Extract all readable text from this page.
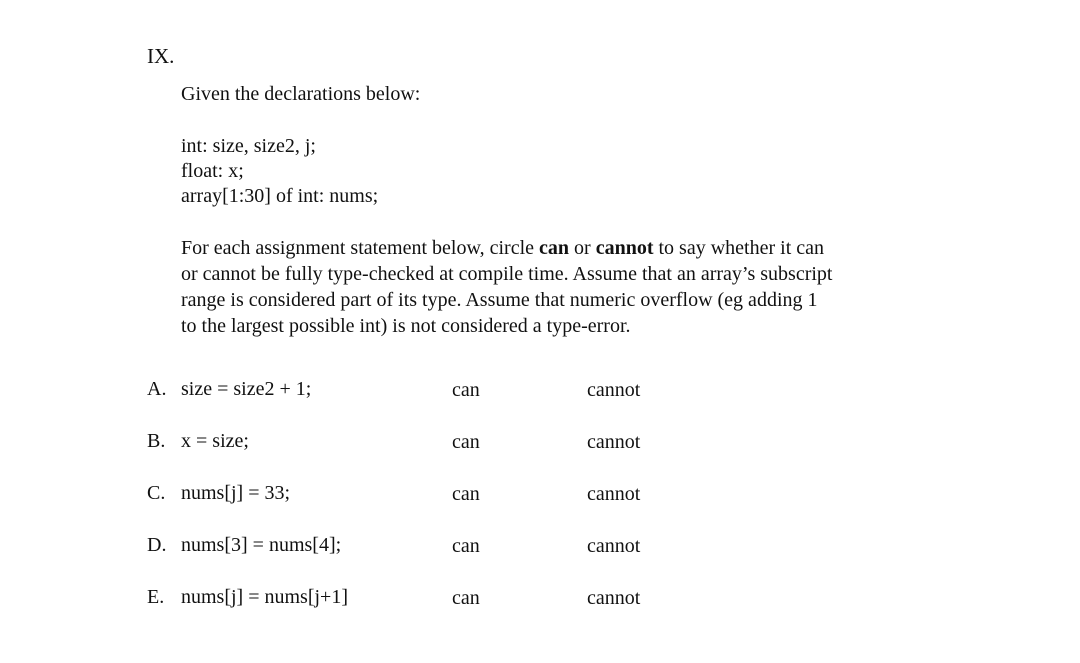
IX.
Given the declarations below:
int: size, size2, j;
float: x;
array[1:30] of int: nums;
For each assignment statement below, circle can or cannot to say whether it can
or cannot be fully type-checked at compile time. Assume that an array’s subscript
range is considered part of its type. Assume that numeric overflow (eg adding 1
to the largest possible int) is not considered a type-error.
A. size = size2 + 1;	can	cannot
B. x = size;	can	cannot
C. nums[j] = 33;	can	cannot
D. nums[3] = nums[4];	can	cannot
E. nums[j] = nums[j+1]	can	cannot
